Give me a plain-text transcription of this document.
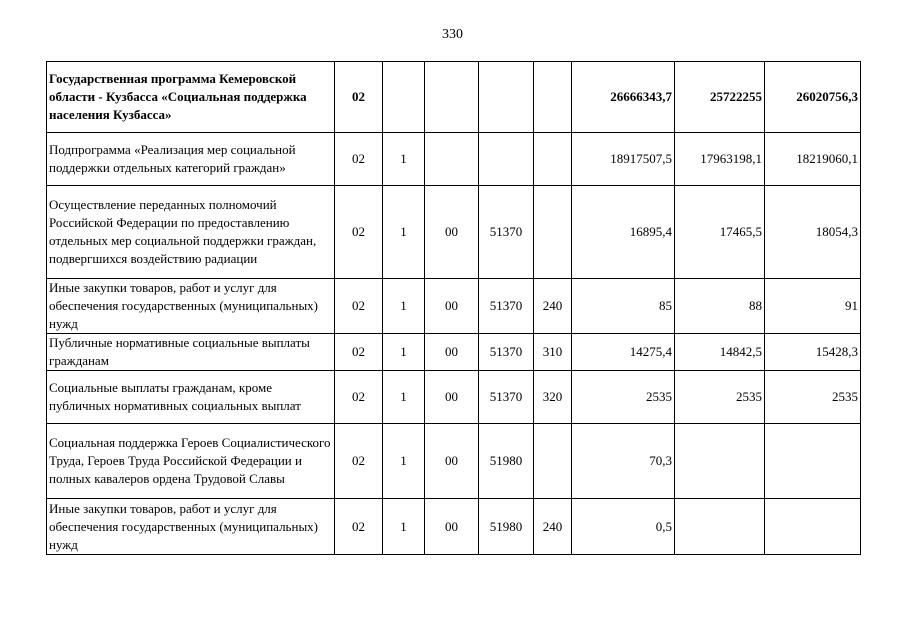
330
Государственная программа Кемеровской области - Кузбасса «Социальная поддержка населения Кузбасса»	02					26666343,7	25722255	26020756,3
Подпрограмма «Реализация мер социальной поддержки отдельных категорий граждан»	02	1				18917507,5	17963198,1	18219060,1
Осуществление переданных полномочий Российской Федерации по предоставлению отдельных мер социальной поддержки граждан, подвергшихся воздействию радиации	02	1	00	51370		16895,4	17465,5	18054,3
Иные закупки товаров, работ и услуг для обеспечения государственных (муниципальных) нужд	02	1	00	51370	240	85	88	91
Публичные нормативные социальные выплаты гражданам	02	1	00	51370	310	14275,4	14842,5	15428,3
Социальные выплаты гражданам, кроме публичных нормативных социальных выплат	02	1	00	51370	320	2535	2535	2535
Социальная поддержка Героев Социалистического Труда, Героев Труда Российской Федерации и полных кавалеров ордена Трудовой Славы	02	1	00	51980		70,3		
Иные закупки товаров, работ и услуг для обеспечения государственных (муниципальных) нужд	02	1	00	51980	240	0,5		
